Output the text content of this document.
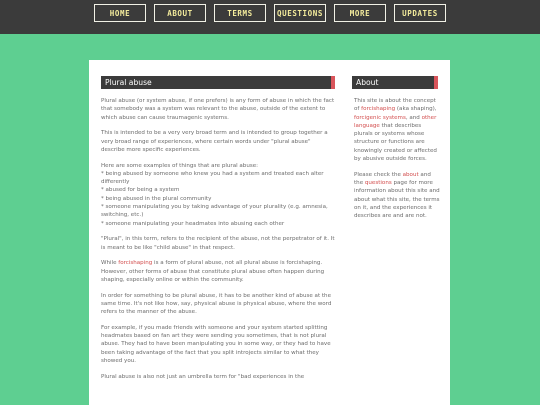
HOME	ABOUT	TERMS	QUESTIONS	MORE	UPDATES
Plural abuse

Plural abuse (or system abuse, if one prefers) is any form of abuse in which the fact that somebody was a system was relevant to the abuse, outside of the extent to which abuse can cause traumagenic systems.

This is intended to be a very very broad term and is intended to group together a very broad range of experiences, where certain words under "plural abuse" describe more specific experiences.

Here are some examples of things that are plural abuse:
* being abused by someone who knew you had a system and treated each alter differently
* abused for being a system
* being abused in the plural community
* someone manipulating you by taking advantage of your plurality (e.g. amnesia, switching, etc.)
* someone manipulating your headmates into abusing each other

"Plural", in this term, refers to the recipient of the abuse, not the perpetrator of it. It is meant to be like "child abuse" in that respect.

While forcishaping is a form of plural abuse, not all plural abuse is forcishaping. However, other forms of abuse that constitute plural abuse often happen during shaping, especially online or within the community.

In order for something to be plural abuse, it has to be another kind of abuse at the same time. It's not like how, say, physical abuse is physical abuse, where the word refers to the manner of the abuse.

For example, if you made friends with someone and your system started splitting headmates based on fan art they were sending you sometimes, that is not plural abuse. They had to have been manipulating you in some way, or they had to have been taking advantage of the fact that you split introjects similar to what they showed you.

Plural abuse is also not just an umbrella term for "bad experiences in the

About

This site is about the concept of forcishaping (aka shaping), forcigenic systems, and other language that describes plurals or systems whose structure or functions are knowingly created or affected by abusive outside forces.

Please check the about and the questions page for more information about this site and about what this site, the terms on it, and the experiences it describes are and are not.
